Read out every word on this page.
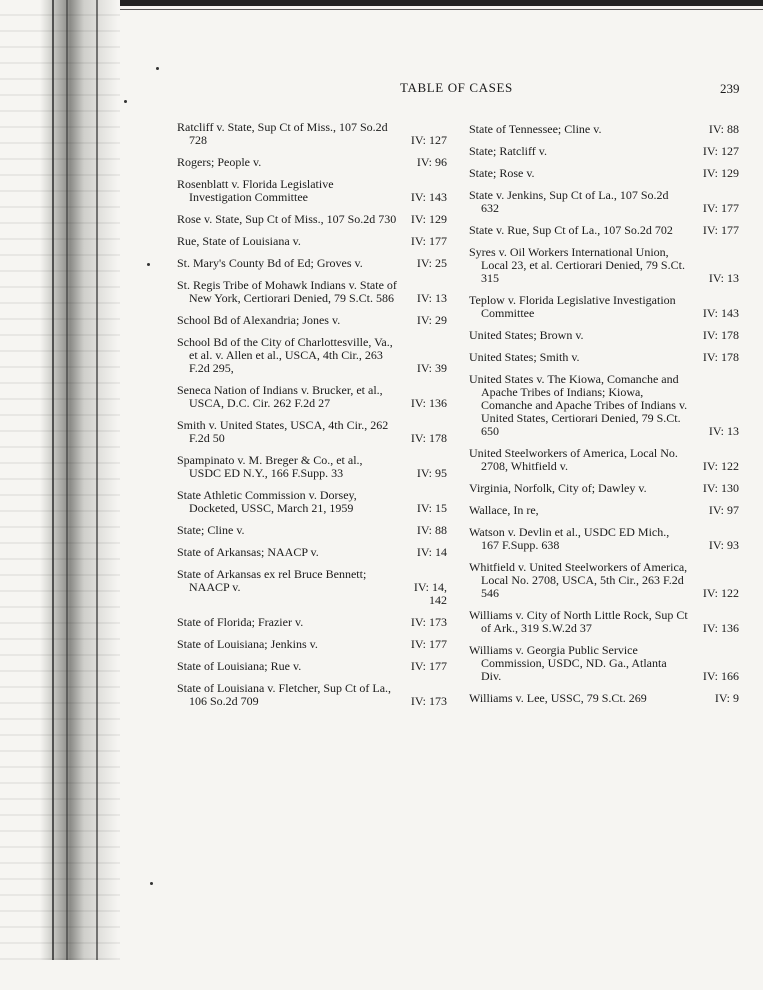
TABLE OF CASES	239
Ratcliff v. State, Sup Ct of Miss., 107 So.2d 728	IV: 127
Rogers; People v.	IV: 96
Rosenblatt v. Florida Legislative Investigation Committee	IV: 143
Rose v. State, Sup Ct of Miss., 107 So.2d 730	IV: 129
Rue, State of Louisiana v.	IV: 177
St. Mary's County Bd of Ed; Groves v.	IV: 25
St. Regis Tribe of Mohawk Indians v. State of New York, Certiorari Denied, 79 S.Ct. 586	IV: 13
School Bd of Alexandria; Jones v.	IV: 29
School Bd of the City of Charlottesville, Va., et al. v. Allen et al., USCA, 4th Cir., 263 F.2d 295,	IV: 39
Seneca Nation of Indians v. Brucker, et al., USCA, D.C. Cir. 262 F.2d 27	IV: 136
Smith v. United States, USCA, 4th Cir., 262 F.2d 50	IV: 178
Spampinato v. M. Breger & Co., et al., USDC ED N.Y., 166 F.Supp. 33	IV: 95
State Athletic Commission v. Dorsey, Docketed, USSC, March 21, 1959	IV: 15
State; Cline v.	IV: 88
State of Arkansas; NAACP v.	IV: 14
State of Arkansas ex rel Bruce Bennett; NAACP v.	IV: 14,
142
State of Florida; Frazier v.	IV: 173
State of Louisiana; Jenkins v.	IV: 177
State of Louisiana; Rue v.	IV: 177
State of Louisiana v. Fletcher, Sup Ct of La., 106 So.2d 709	IV: 173
State of Tennessee; Cline v.	IV: 88
State; Ratcliff v.	IV: 127
State; Rose v.	IV: 129
State v. Jenkins, Sup Ct of La., 107 So.2d 632	IV: 177
State v. Rue, Sup Ct of La., 107 So.2d 702	IV: 177
Syres v. Oil Workers International Union, Local 23, et al. Certiorari Denied, 79 S.Ct. 315	IV: 13
Teplow v. Florida Legislative Investigation Committee	IV: 143
United States; Brown v.	IV: 178
United States; Smith v.	IV: 178
United States v. The Kiowa, Comanche and Apache Tribes of Indians; Kiowa, Comanche and Apache Tribes of Indians v. United States, Certiorari Denied, 79 S.Ct. 650	IV: 13
United Steelworkers of America, Local No. 2708, Whitfield v.	IV: 122
Virginia, Norfolk, City of; Dawley v.	IV: 130
Wallace, In re,	IV: 97
Watson v. Devlin et al., USDC ED Mich., 167 F.Supp. 638	IV: 93
Whitfield v. United Steelworkers of America, Local No. 2708, USCA, 5th Cir., 263 F.2d 546	IV: 122
Williams v. City of North Little Rock, Sup Ct of Ark., 319 S.W.2d 37	IV: 136
Williams v. Georgia Public Service Commission, USDC, ND. Ga., Atlanta Div.	IV: 166
Williams v. Lee, USSC, 79 S.Ct. 269	IV: 9
